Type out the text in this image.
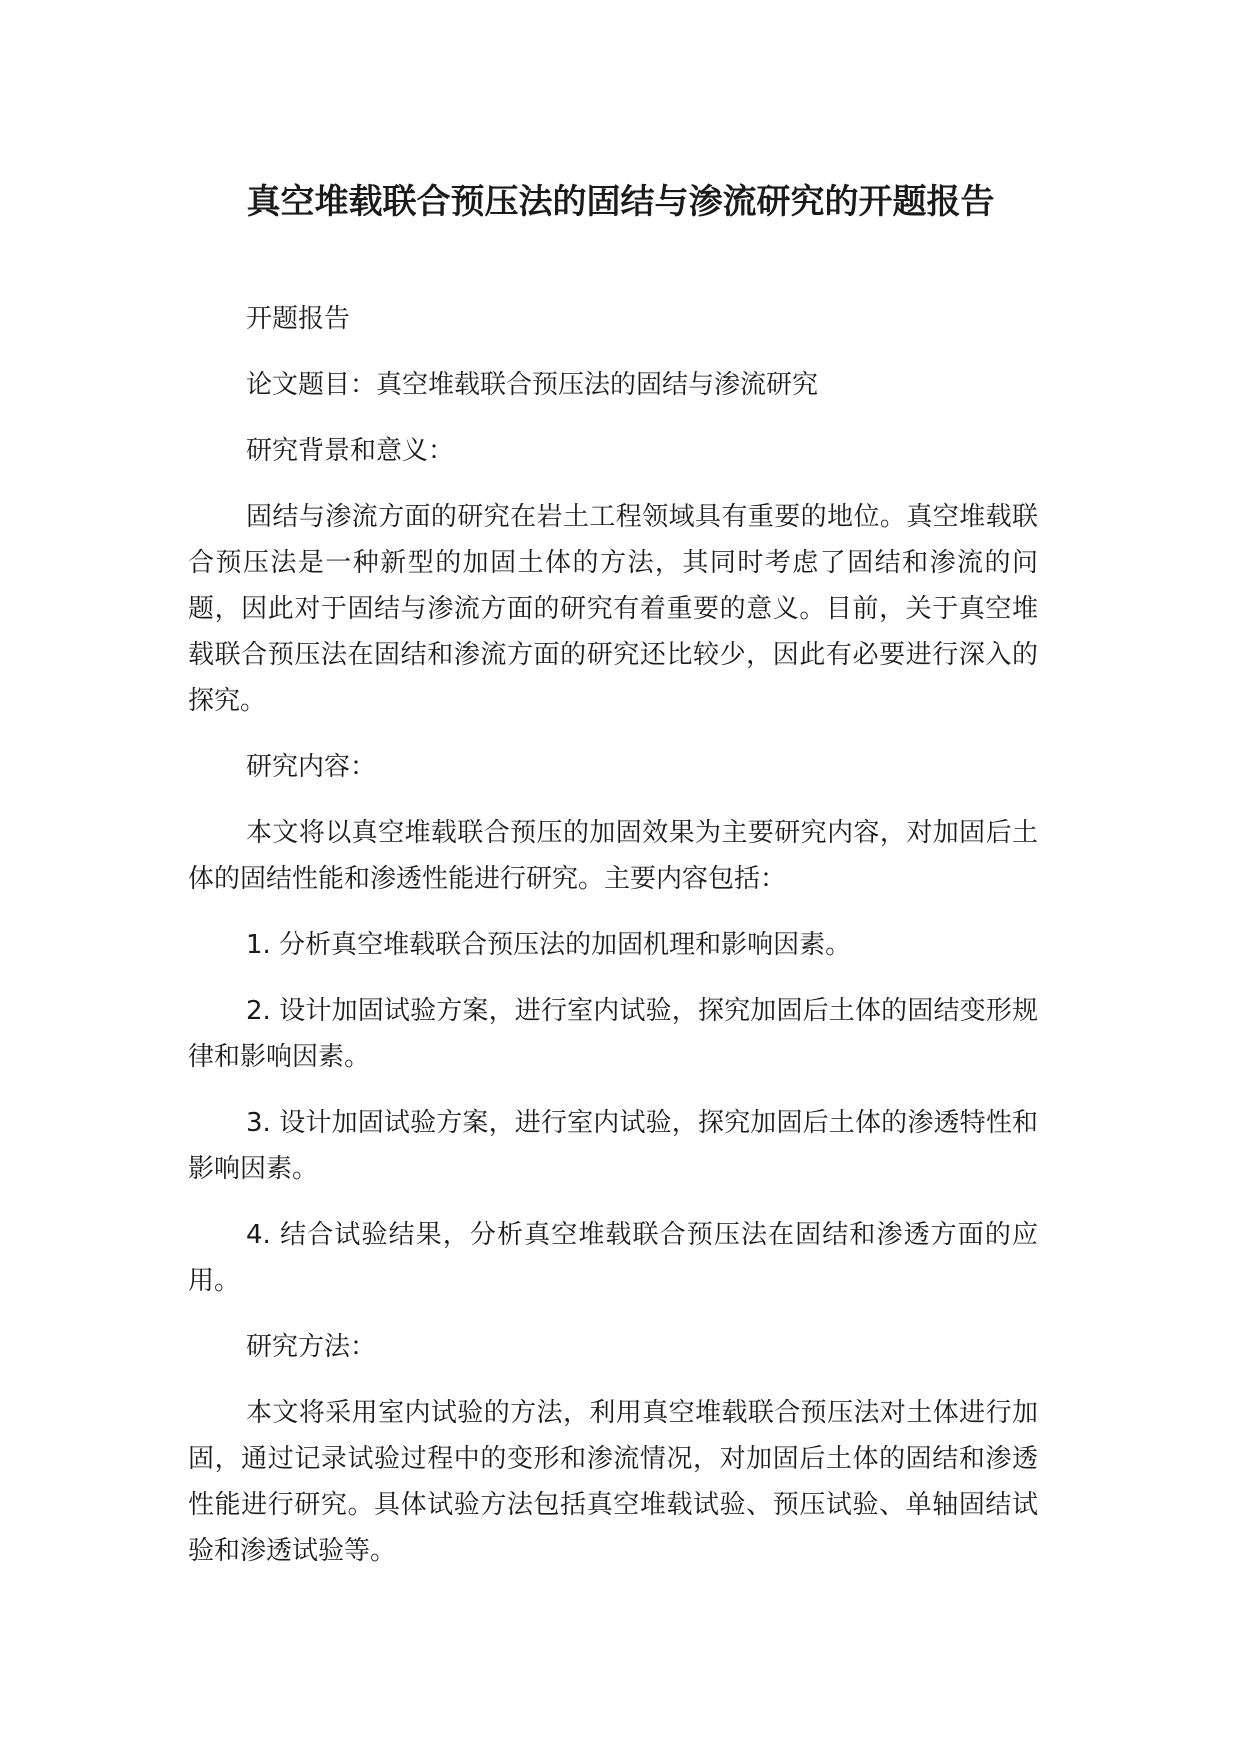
真空堆载联合预压法的固结与渗流研究的开题报告

开题报告

论文题目：真空堆载联合预压法的固结与渗流研究

研究背景和意义：

固结与渗流方面的研究在岩土工程领域具有重要的地位。真空堆载联合预压法是一种新型的加固土体的方法，其同时考虑了固结和渗流的问题，因此对于固结与渗流方面的研究有着重要的意义。目前，关于真空堆载联合预压法在固结和渗流方面的研究还比较少，因此有必要进行深入的探究。

研究内容：

本文将以真空堆载联合预压的加固效果为主要研究内容，对加固后土体的固结性能和渗透性能进行研究。主要内容包括：

1. 分析真空堆载联合预压法的加固机理和影响因素。

2. 设计加固试验方案，进行室内试验，探究加固后土体的固结变形规律和影响因素。

3. 设计加固试验方案，进行室内试验，探究加固后土体的渗透特性和影响因素。

4. 结合试验结果，分析真空堆载联合预压法在固结和渗透方面的应用。

研究方法：

本文将采用室内试验的方法，利用真空堆载联合预压法对土体进行加固，通过记录试验过程中的变形和渗流情况，对加固后土体的固结和渗透性能进行研究。具体试验方法包括真空堆载试验、预压试验、单轴固结试验和渗透试验等。
